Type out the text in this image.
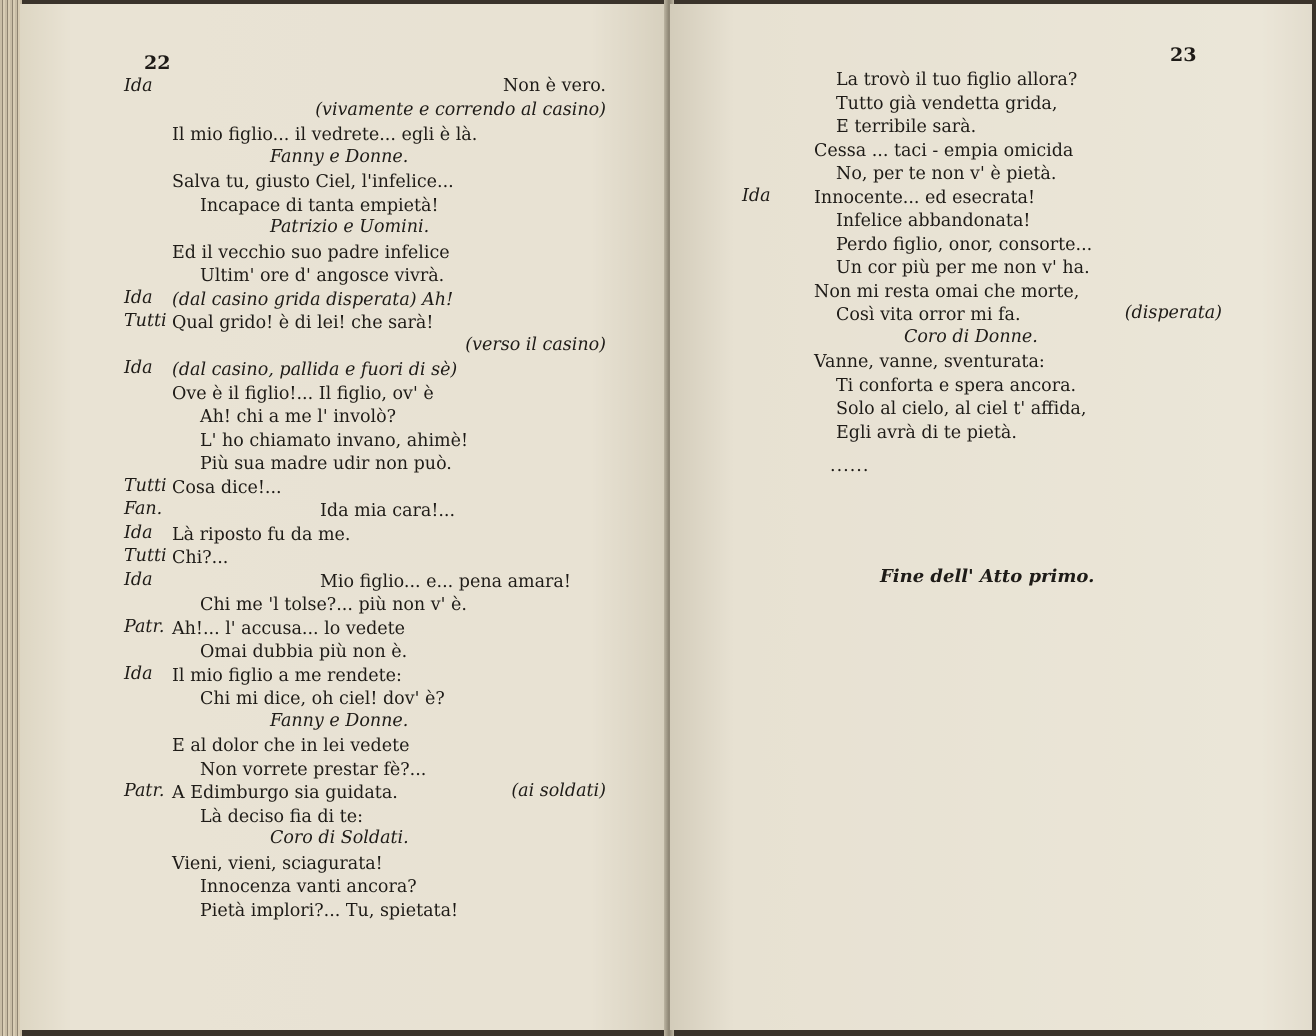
22
Ida	Non è vero.
(vivamente e correndo al casino)
Il mio figlio... il vedrete... egli è là.
Fanny e Donne.
Salva tu, giusto Ciel, l'infelice...
Incapace di tanta empietà!
Patrizio e Uomini.
Ed il vecchio suo padre infelice
Ultim' ore d' angosce vivrà.
Ida (dal casino grida disperata) Ah!
Tutti Qual grido! è di lei! che sarà!
(verso il casino)
Ida (dal casino, pallida e fuori di sè)
Ove è il figlio!... Il figlio, ov' è
Ah! chi a me l' involò?
L' ho chiamato invano, ahimè!
Più sua madre udir non può.
Tutti Cosa dice!...
Fan.	Ida mia cara!...
Ida Là riposto fu da me.
Tutti Chi?...
Ida	Mio figlio... e... pena amara!
Chi me 'l tolse?... più non v' è.
Patr. Ah!... l' accusa... lo vedete
Omai dubbia più non è.
Ida Il mio figlio a me rendete:
Chi mi dice, oh ciel! dov' è?
Fanny e Donne.
E al dolor che in lei vedete
Non vorrete prestar fè?...
Patr. A Edimburgo sia guidata.	(ai soldati)
Là deciso fia di te:
Coro di Soldati.
Vieni, vieni, sciagurata!
Innocenza vanti ancora?
Pietà implori?... Tu, spietata!
23
......
Fine dell' Atto primo.
La trovò il tuo figlio allora?
Tutto già vendetta grida,
E terribile sarà.
Cessa ... taci - empia omicida
No, per te non v' è pietà.
Ida Innocente... ed esecrata!
Infelice abbandonata!
Perdo figlio, onor, consorte...
Un cor più per me non v' ha.
Non mi resta omai che morte,
Così vita orror mi fa.	(disperata)
Coro di Donne.
Vanne, vanne, sventurata:
Ti conforta e spera ancora.
Solo al cielo, al ciel t' affida,
Egli avrà di te pietà.
